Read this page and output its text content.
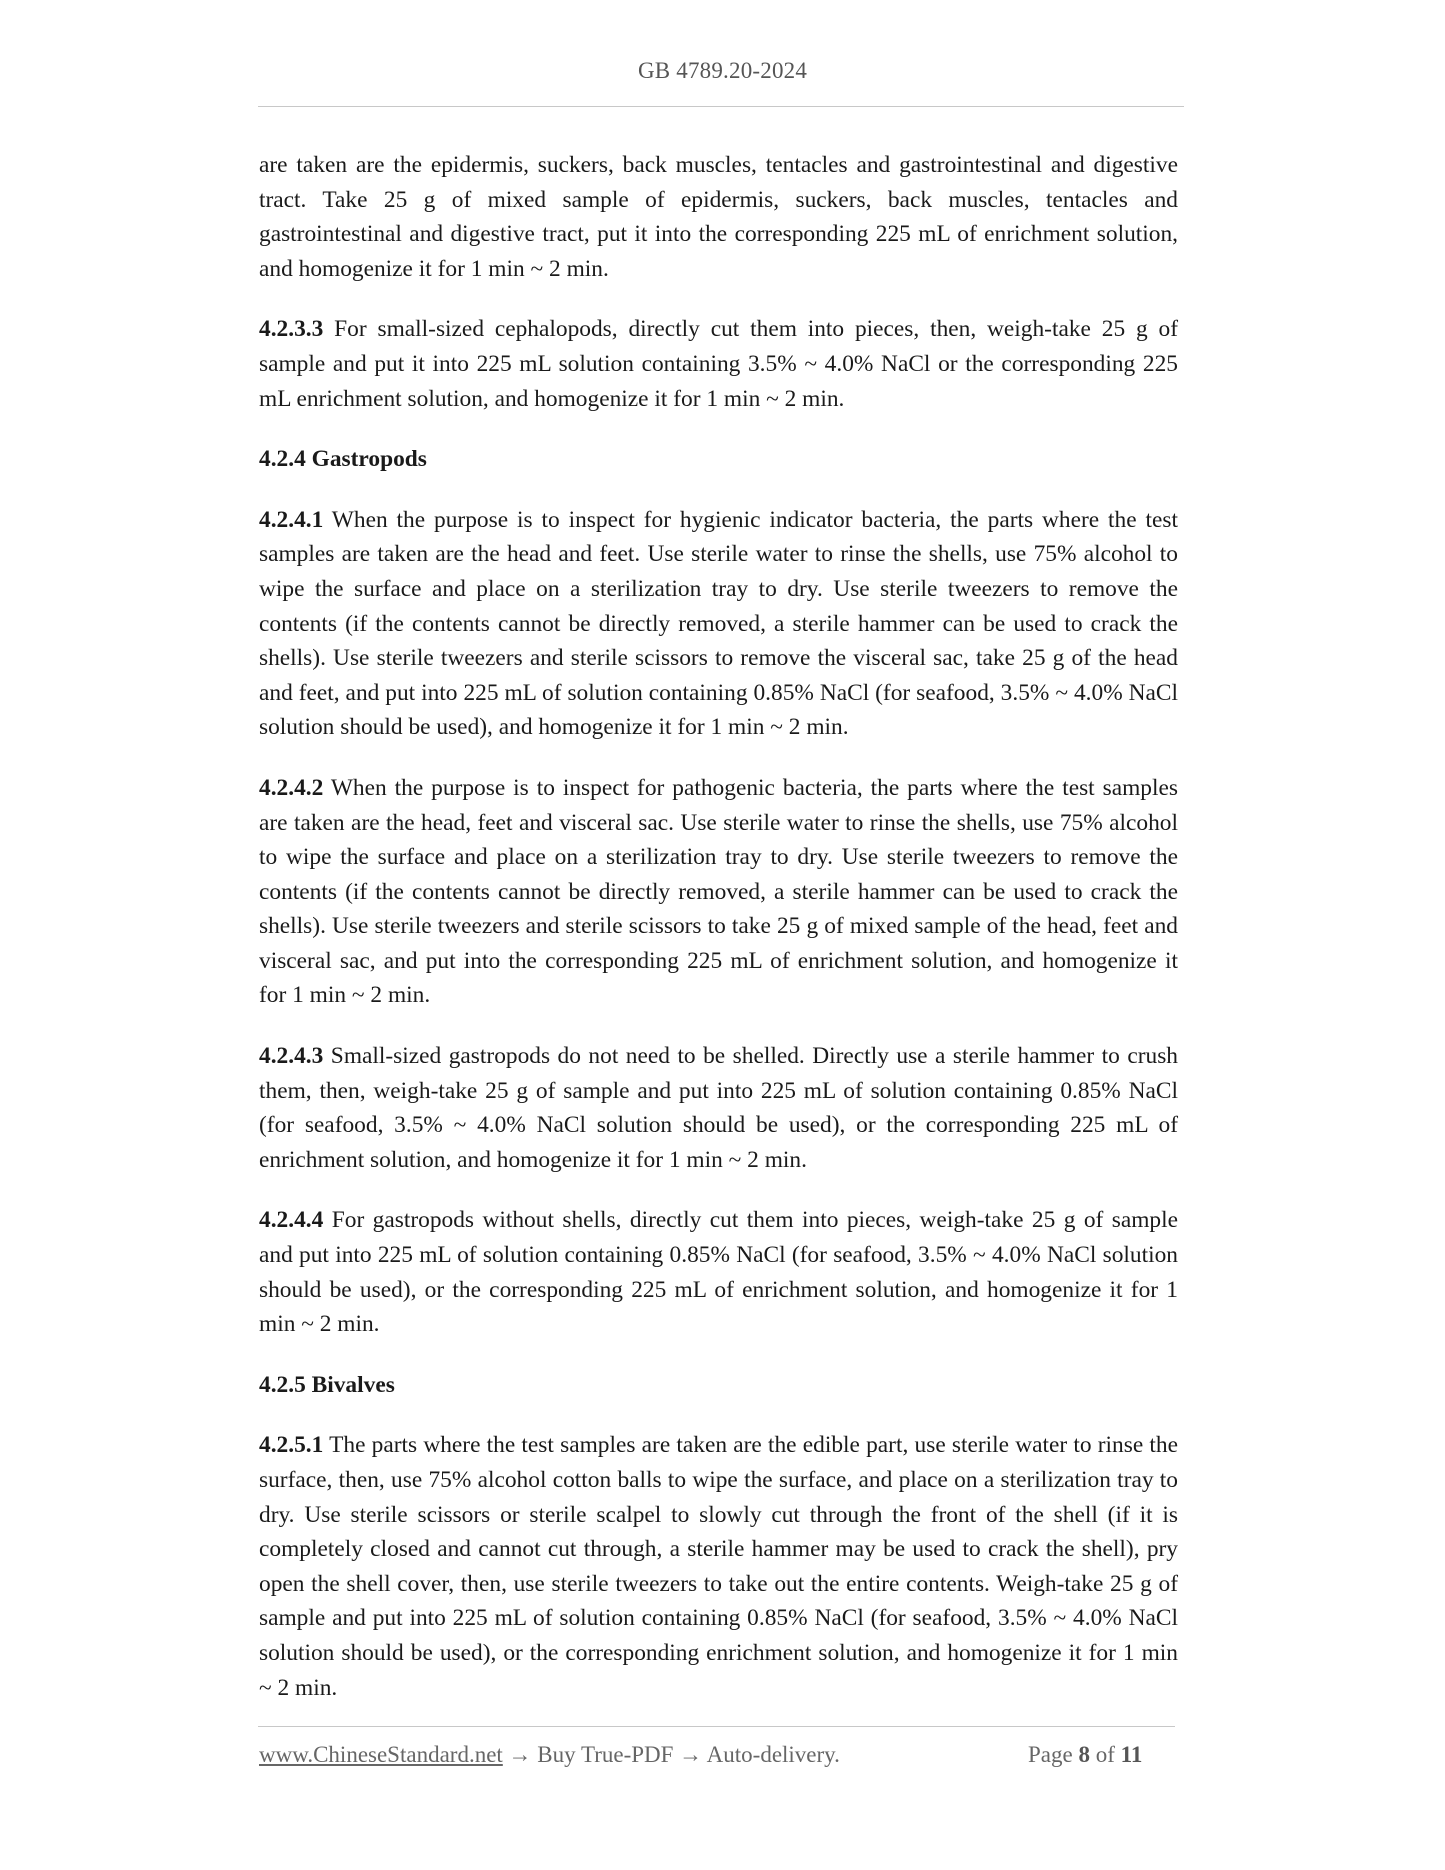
GB 4789.20-2024

are taken are the epidermis, suckers, back muscles, tentacles and gastrointestinal and digestive tract. Take 25 g of mixed sample of epidermis, suckers, back muscles, tentacles and gastrointestinal and digestive tract, put it into the corresponding 225 mL of enrichment solution, and homogenize it for 1 min ~ 2 min.

4.2.3.3 For small-sized cephalopods, directly cut them into pieces, then, weigh-take 25 g of sample and put it into 225 mL solution containing 3.5% ~ 4.0% NaCl or the corresponding 225 mL enrichment solution, and homogenize it for 1 min ~ 2 min.

4.2.4 Gastropods

4.2.4.1 When the purpose is to inspect for hygienic indicator bacteria, the parts where the test samples are taken are the head and feet. Use sterile water to rinse the shells, use 75% alcohol to wipe the surface and place on a sterilization tray to dry. Use sterile tweezers to remove the contents (if the contents cannot be directly removed, a sterile hammer can be used to crack the shells). Use sterile tweezers and sterile scissors to remove the visceral sac, take 25 g of the head and feet, and put into 225 mL of solution containing 0.85% NaCl (for seafood, 3.5% ~ 4.0% NaCl solution should be used), and homogenize it for 1 min ~ 2 min.

4.2.4.2 When the purpose is to inspect for pathogenic bacteria, the parts where the test samples are taken are the head, feet and visceral sac. Use sterile water to rinse the shells, use 75% alcohol to wipe the surface and place on a sterilization tray to dry. Use sterile tweezers to remove the contents (if the contents cannot be directly removed, a sterile hammer can be used to crack the shells). Use sterile tweezers and sterile scissors to take 25 g of mixed sample of the head, feet and visceral sac, and put into the corresponding 225 mL of enrichment solution, and homogenize it for 1 min ~ 2 min.

4.2.4.3 Small-sized gastropods do not need to be shelled. Directly use a sterile hammer to crush them, then, weigh-take 25 g of sample and put into 225 mL of solution containing 0.85% NaCl (for seafood, 3.5% ~ 4.0% NaCl solution should be used), or the corresponding 225 mL of enrichment solution, and homogenize it for 1 min ~ 2 min.

4.2.4.4 For gastropods without shells, directly cut them into pieces, weigh-take 25 g of sample and put into 225 mL of solution containing 0.85% NaCl (for seafood, 3.5% ~ 4.0% NaCl solution should be used), or the corresponding 225 mL of enrichment solution, and homogenize it for 1 min ~ 2 min.

4.2.5 Bivalves

4.2.5.1 The parts where the test samples are taken are the edible part, use sterile water to rinse the surface, then, use 75% alcohol cotton balls to wipe the surface, and place on a sterilization tray to dry. Use sterile scissors or sterile scalpel to slowly cut through the front of the shell (if it is completely closed and cannot cut through, a sterile hammer may be used to crack the shell), pry open the shell cover, then, use sterile tweezers to take out the entire contents. Weigh-take 25 g of sample and put into 225 mL of solution containing 0.85% NaCl (for seafood, 3.5% ~ 4.0% NaCl solution should be used), or the corresponding enrichment solution, and homogenize it for 1 min ~ 2 min.

www.ChineseStandard.net → Buy True-PDF → Auto-delivery.	Page 8 of 11
